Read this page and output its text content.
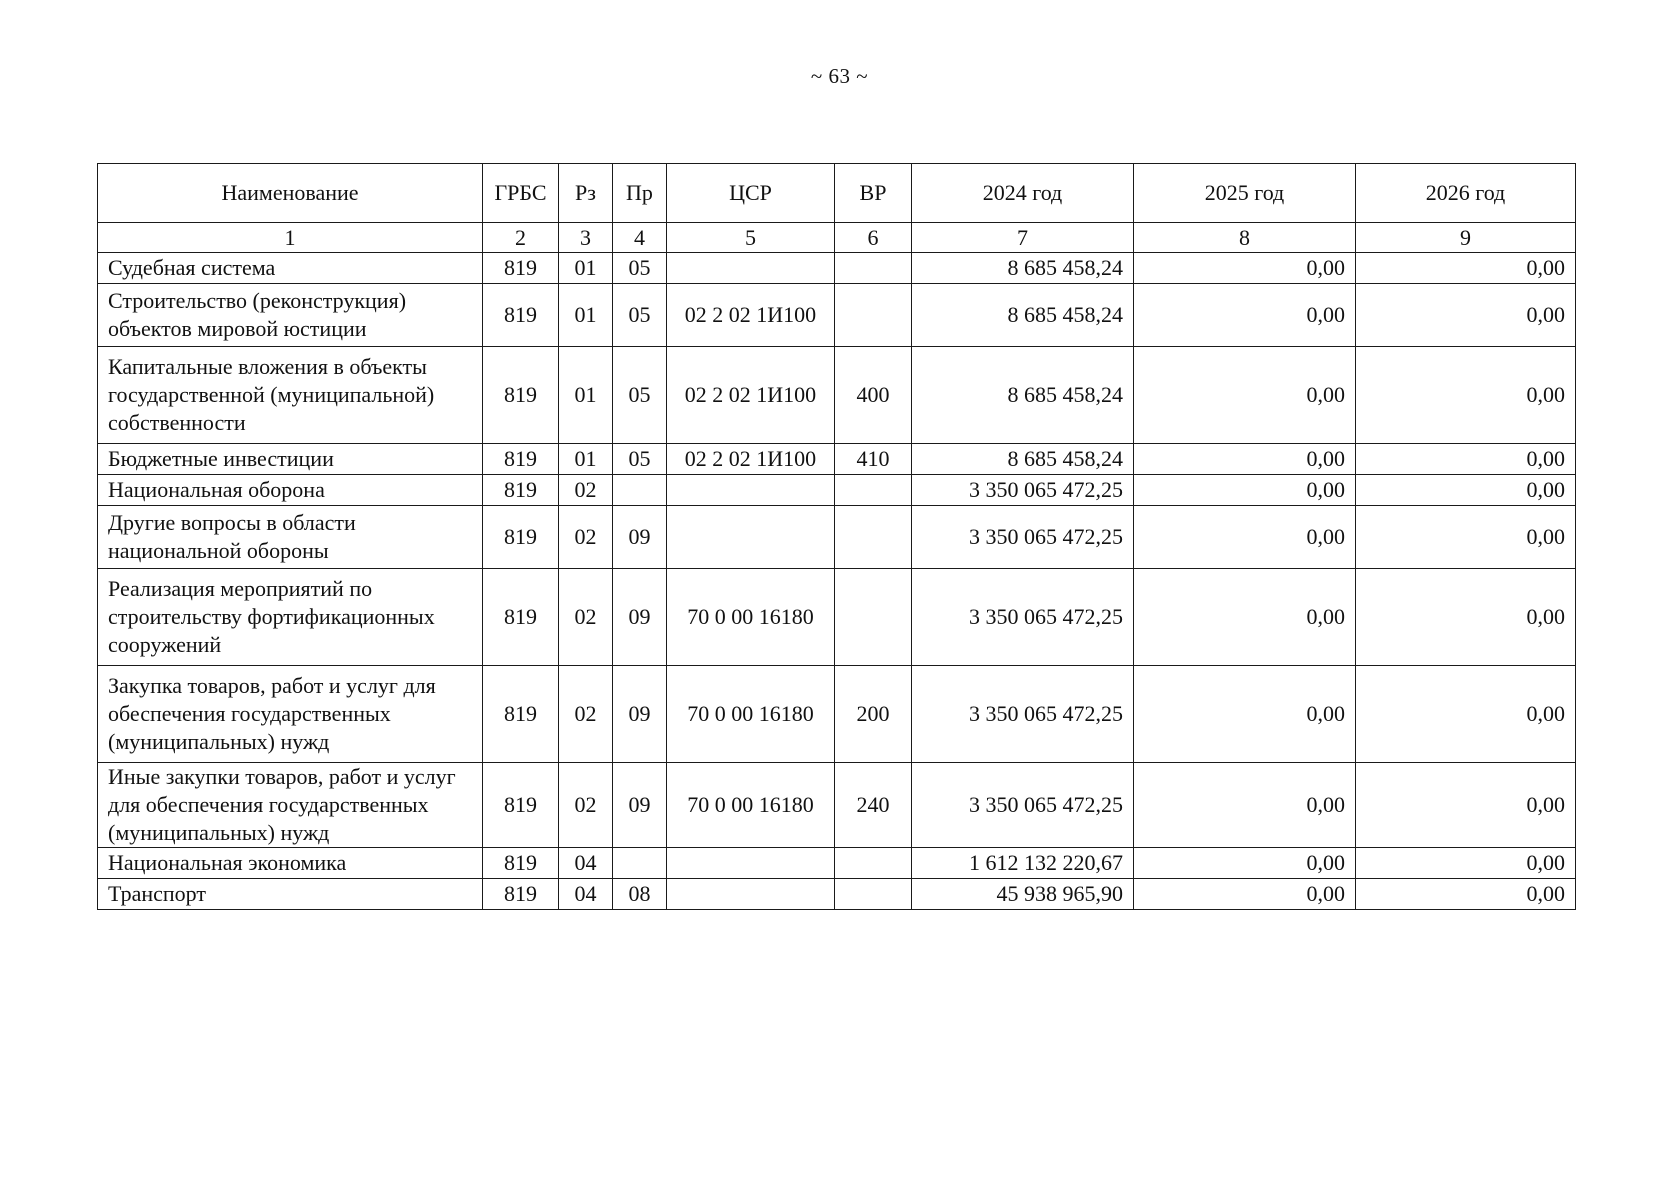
~ 63 ~
Наименование	ГРБС	Рз	Пр	ЦСР	ВР	2024 год	2025 год	2026 год
1	2	3	4	5	6	7	8	9
Судебная система	819	01	05			8 685 458,24	0,00	0,00
Строительство (реконструкция) объектов мировой юстиции	819	01	05	02 2 02 1И100		8 685 458,24	0,00	0,00
Капитальные вложения в объекты государственной (муниципальной) собственности	819	01	05	02 2 02 1И100	400	8 685 458,24	0,00	0,00
Бюджетные инвестиции	819	01	05	02 2 02 1И100	410	8 685 458,24	0,00	0,00
Национальная оборона	819	02				3 350 065 472,25	0,00	0,00
Другие вопросы в области национальной обороны	819	02	09			3 350 065 472,25	0,00	0,00
Реализация мероприятий по строительству фортификационных сооружений	819	02	09	70 0 00 16180		3 350 065 472,25	0,00	0,00
Закупка товаров, работ и услуг для обеспечения государственных (муниципальных) нужд	819	02	09	70 0 00 16180	200	3 350 065 472,25	0,00	0,00
Иные закупки товаров, работ и услуг для обеспечения государственных (муниципальных) нужд	819	02	09	70 0 00 16180	240	3 350 065 472,25	0,00	0,00
Национальная экономика	819	04				1 612 132 220,67	0,00	0,00
Транспорт	819	04	08			45 938 965,90	0,00	0,00
